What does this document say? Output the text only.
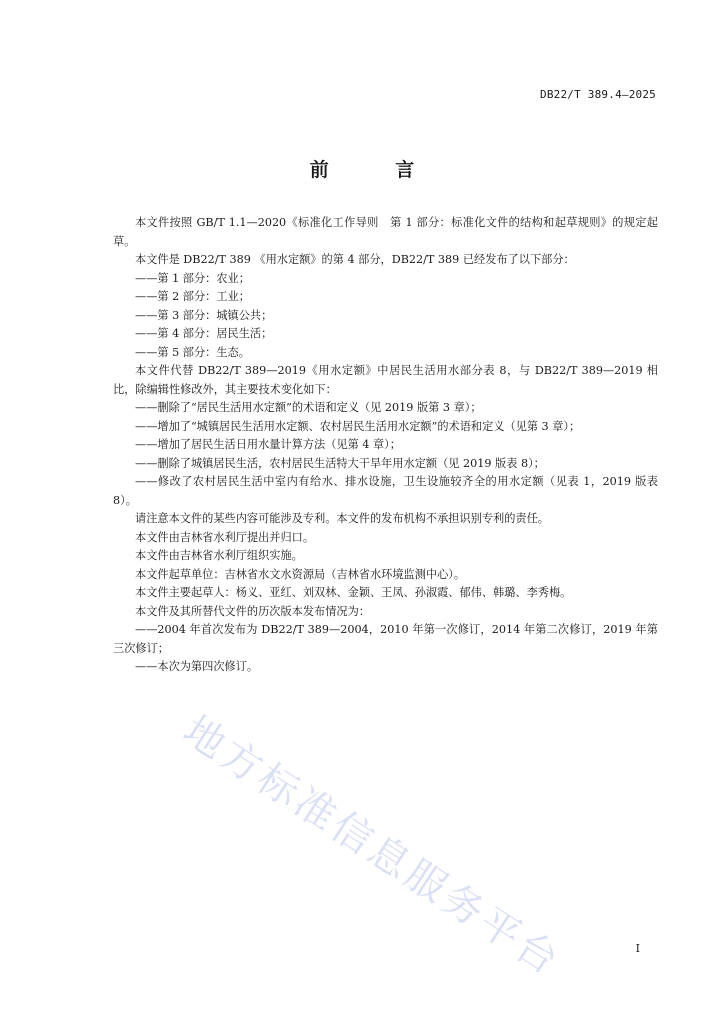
DB22/T 389.4—2025
前 言

本文件按照 GB/T 1.1—2020《标准化工作导则　第 1 部分：标准化文件的结构和起草规则》的规定起草。

本文件是 DB22/T 389 《用水定额》的第 4 部分，DB22/T 389 已经发布了以下部分：

——第 1 部分：农业；

——第 2 部分：工业；

——第 3 部分：城镇公共；

——第 4 部分：居民生活；

——第 5 部分：生态。

本文件代替 DB22/T 389—2019《用水定额》中居民生活用水部分表 8，与 DB22/T 389—2019 相比，除编辑性修改外，其主要技术变化如下：

——删除了“居民生活用水定额”的术语和定义（见 2019 版第 3 章）；

——增加了“城镇居民生活用水定额、农村居民生活用水定额”的术语和定义（见第 3 章）；

——增加了居民生活日用水量计算方法（见第 4 章）；

——删除了城镇居民生活，农村居民生活特大干旱年用水定额（见 2019 版表 8）；

——修改了农村居民生活中室内有给水、排水设施，卫生设施较齐全的用水定额（见表 1，2019 版表 8）。

请注意本文件的某些内容可能涉及专利。本文件的发布机构不承担识别专利的责任。

本文件由吉林省水利厅提出并归口。

本文件由吉林省水利厅组织实施。

本文件起草单位：吉林省水文水资源局（吉林省水环境监测中心）。

本文件主要起草人：杨义、亚红、刘双林、金颖、王凤、孙淑霞、郁伟、韩璐、李秀梅。

本文件及其所替代文件的历次版本发布情况为：

——2004 年首次发布为 DB22/T 389—2004，2010 年第一次修订，2014 年第二次修订，2019 年第三次修订；

——本次为第四次修订。

地方标准信息服务平台	I
